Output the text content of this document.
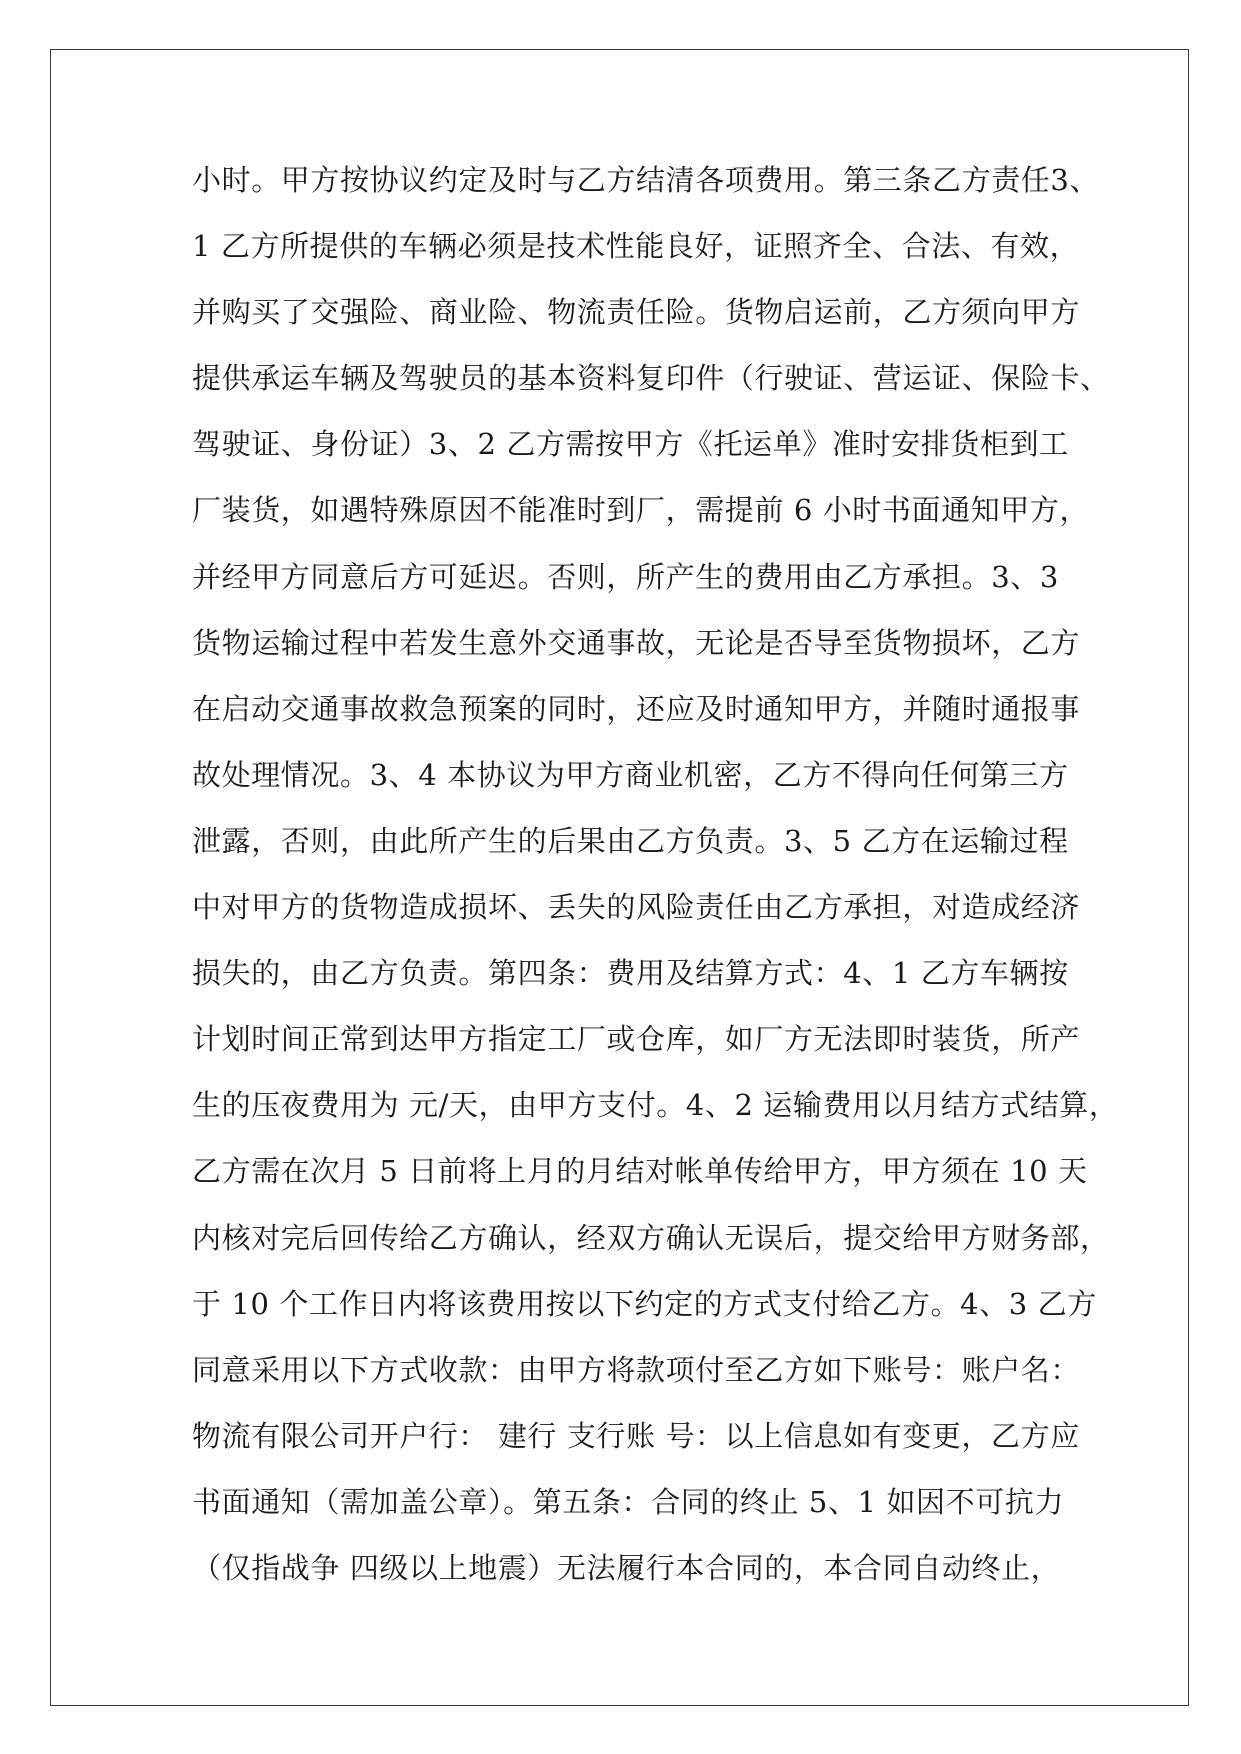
小时。甲方按协议约定及时与乙方结清各项费用。第三条乙方责任3、
1 乙方所提供的车辆必须是技术性能良好，证照齐全、合法、有效，
并购买了交强险、商业险、物流责任险。货物启运前，乙方须向甲方
提供承运车辆及驾驶员的基本资料复印件（行驶证、营运证、保险卡、
驾驶证、身份证）3、2 乙方需按甲方《托运单》准时安排货柜到工
厂装货，如遇特殊原因不能准时到厂，需提前 6 小时书面通知甲方，
并经甲方同意后方可延迟。否则，所产生的费用由乙方承担。3、3
货物运输过程中若发生意外交通事故，无论是否导至货物损坏，乙方
在启动交通事故救急预案的同时，还应及时通知甲方，并随时通报事
故处理情况。3、4 本协议为甲方商业机密，乙方不得向任何第三方
泄露，否则，由此所产生的后果由乙方负责。3、5 乙方在运输过程
中对甲方的货物造成损坏、丢失的风险责任由乙方承担，对造成经济
损失的，由乙方负责。第四条：费用及结算方式：4、1 乙方车辆按
计划时间正常到达甲方指定工厂或仓库，如厂方无法即时装货，所产
生的压夜费用为 元/天，由甲方支付。4、2 运输费用以月结方式结算，
乙方需在次月 5 日前将上月的月结对帐单传给甲方，甲方须在 10 天
内核对完后回传给乙方确认，经双方确认无误后，提交给甲方财务部，
于 10 个工作日内将该费用按以下约定的方式支付给乙方。4、3 乙方
同意采用以下方式收款：由甲方将款项付至乙方如下账号：账户名：
物流有限公司开户行： 建行 支行账 号：以上信息如有变更，乙方应
书面通知（需加盖公章）。第五条：合同的终止 5、1 如因不可抗力
（仅指战争 四级以上地震）无法履行本合同的，本合同自动终止，
